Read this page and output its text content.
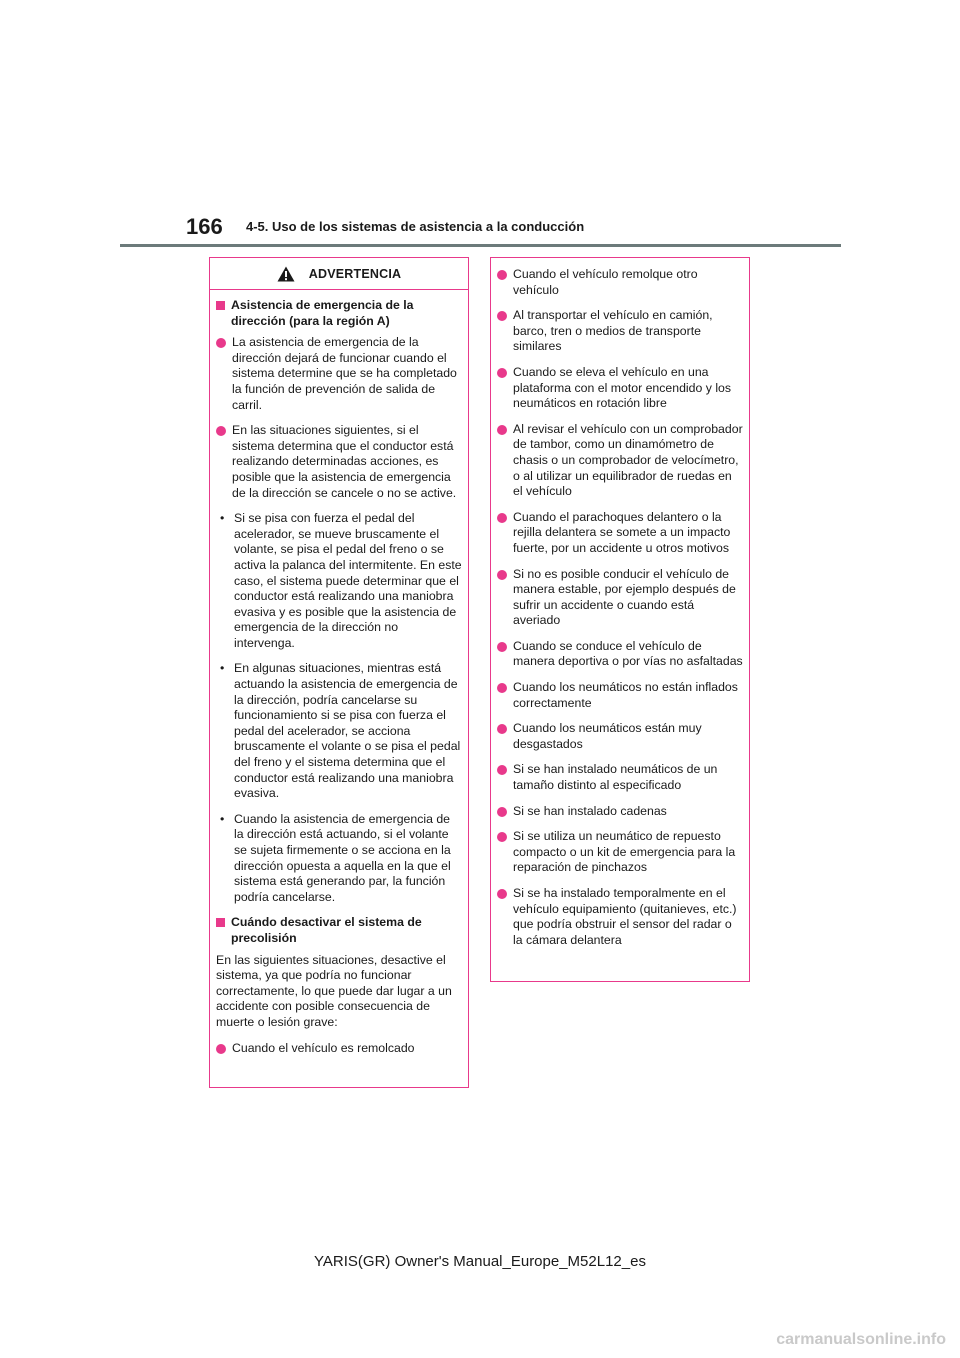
166 4-5. Uso de los sistemas de asistencia a la conducción
ADVERTENCIA
Asistencia de emergencia de la dirección (para la región A)
La asistencia de emergencia de la dirección dejará de funcionar cuando el sistema determine que se ha completado la función de prevención de salida de carril.
En las situaciones siguientes, si el sistema determina que el conductor está realizando determinadas acciones, es posible que la asistencia de emergencia de la dirección se cancele o no se active.
• Si se pisa con fuerza el pedal del acelerador, se mueve bruscamente el volante, se pisa el pedal del freno o se activa la palanca del intermitente. En este caso, el sistema puede determinar que el conductor está realizando una maniobra evasiva y es posible que la asistencia de emergencia de la dirección no intervenga.
• En algunas situaciones, mientras está actuando la asistencia de emergencia de la dirección, podría cancelarse su funcionamiento si se pisa con fuerza el pedal del acelerador, se acciona bruscamente el volante o se pisa el pedal del freno y el sistema determina que el conductor está realizando una maniobra evasiva.
• Cuando la asistencia de emergencia de la dirección está actuando, si el volante se sujeta firmemente o se acciona en la dirección opuesta a aquella en la que el sistema está generando par, la función podría cancelarse.
Cuándo desactivar el sistema de precolisión

En las siguientes situaciones, desactive el sistema, ya que podría no funcionar correctamente, lo que puede dar lugar a un accidente con posible consecuencia de muerte o lesión grave:

Cuando el vehículo es remolcado
Cuando el vehículo remolque otro vehículo
Al transportar el vehículo en camión, barco, tren o medios de transporte similares
Cuando se eleva el vehículo en una plataforma con el motor encendido y los neumáticos en rotación libre
Al revisar el vehículo con un comprobador de tambor, como un dinamómetro de chasis o un comprobador de velocímetro, o al utilizar un equilibrador de ruedas en el vehículo
Cuando el parachoques delantero o la rejilla delantera se somete a un impacto fuerte, por un accidente u otros motivos
Si no es posible conducir el vehículo de manera estable, por ejemplo después de sufrir un accidente o cuando está averiado
Cuando se conduce el vehículo de manera deportiva o por vías no asfaltadas
Cuando los neumáticos no están inflados correctamente
Cuando los neumáticos están muy desgastados
Si se han instalado neumáticos de un tamaño distinto al especificado
Si se han instalado cadenas
Si se utiliza un neumático de repuesto compacto o un kit de emergencia para la reparación de pinchazos
Si se ha instalado temporalmente en el vehículo equipamiento (quitanieves, etc.) que podría obstruir el sensor del radar o la cámara delantera
YARIS(GR) Owner's Manual_Europe_M52L12_es
carmanualsonline.info
